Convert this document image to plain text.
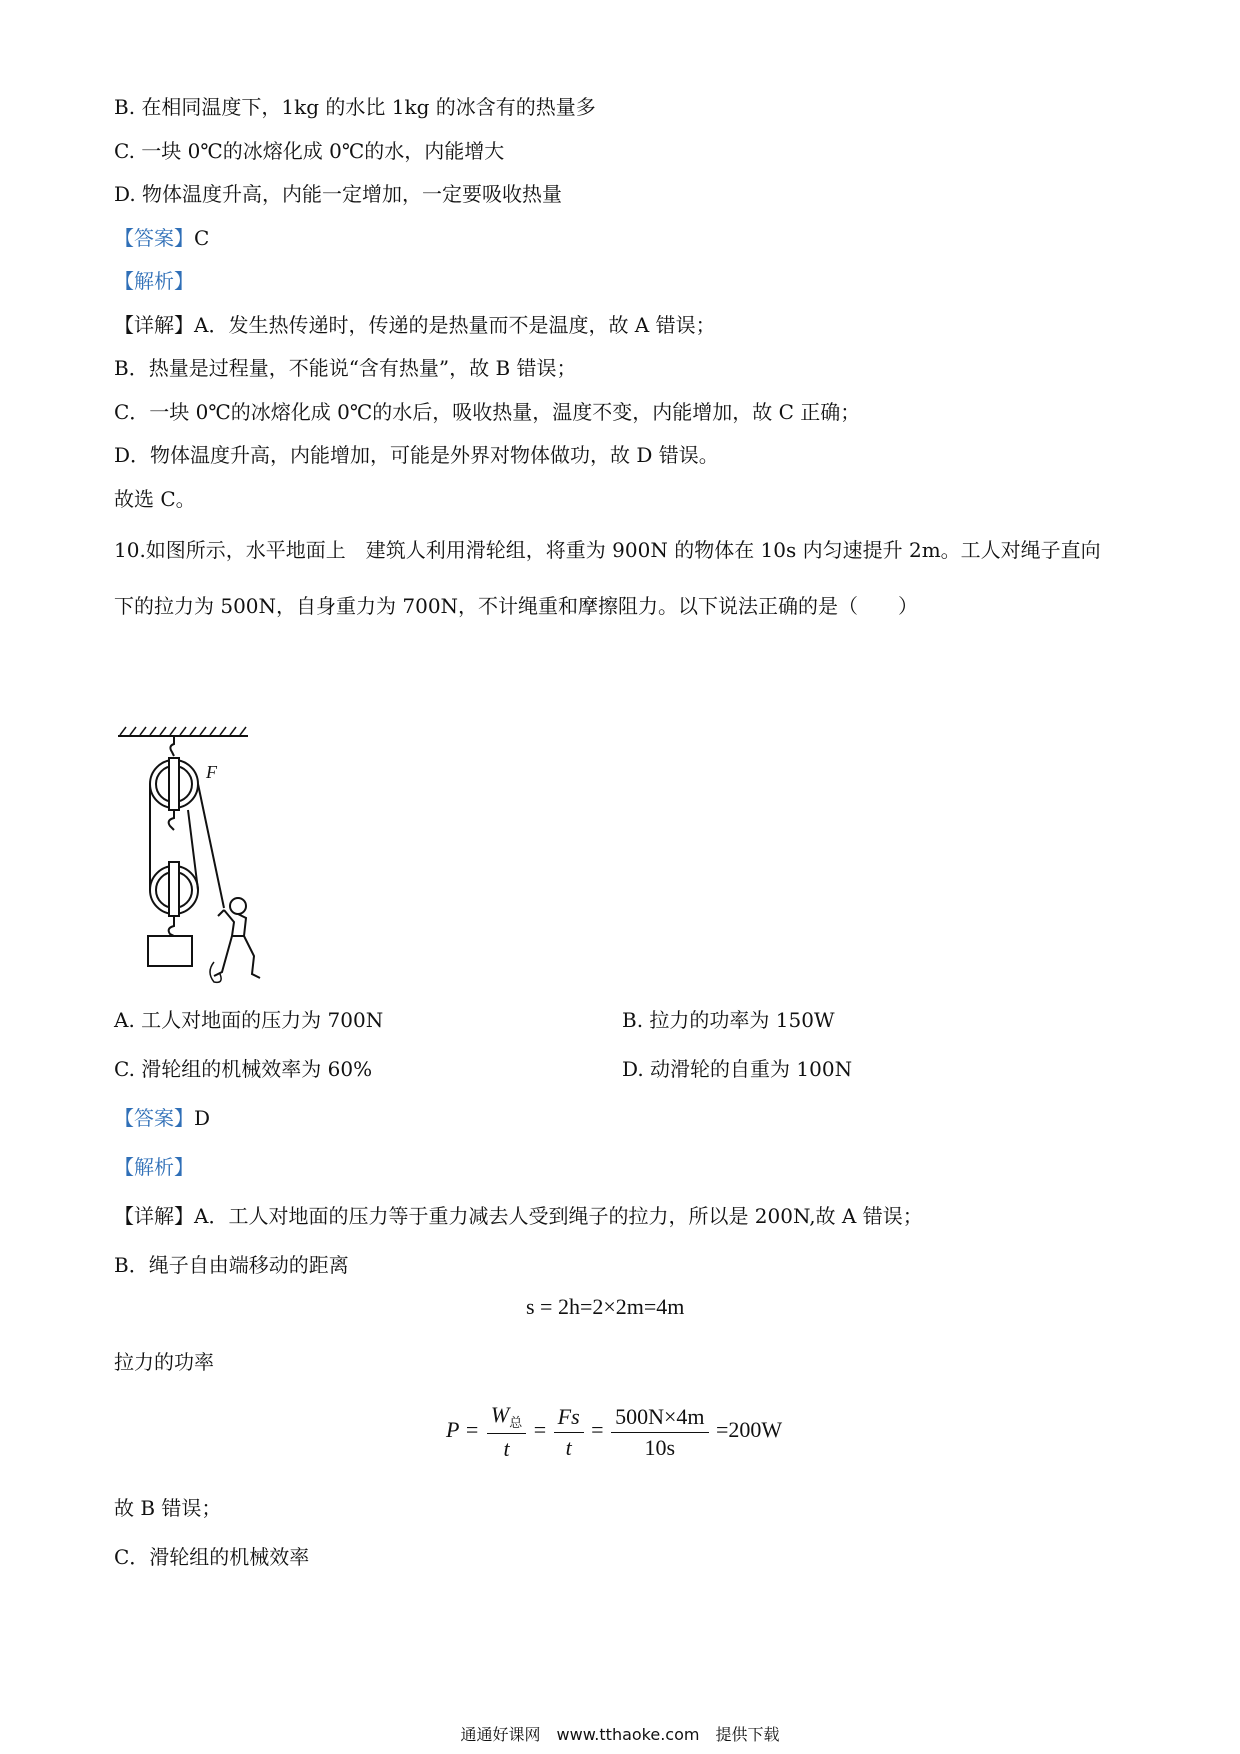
B. 在相同温度下，1kg 的水比 1kg 的冰含有的热量多

C. 一块 0℃的冰熔化成 0℃的水，内能增大

D. 物体温度升高，内能一定增加，一定要吸收热量

【答案】C

【解析】

【详解】A．发生热传递时，传递的是热量而不是温度，故 A 错误；

B．热量是过程量，不能说“含有热量”，故 B 错误；

C．一块 0℃的冰熔化成 0℃的水后，吸收热量，温度不变，内能增加，故 C 正确；

D．物体温度升高，内能增加，可能是外界对物体做功，故 D 错误。

故选 C。

10.如图所示，水平地面上　建筑人利用滑轮组，将重为 900N 的物体在 10s 内匀速提升 2m。工人对绳子直向

下的拉力为 500N，自身重力为 700N，不计绳重和摩擦阻力。以下说法正确的是（　　）

F

A. 工人对地面的压力为 700N	B. 拉力的功率为 150W

C. 滑轮组的机械效率为 60%	D. 动滑轮的自重为 100N

【答案】D

【解析】

【详解】A．工人对地面的压力等于重力减去人受到绳子的拉力，所以是 200N,故 A 错误；

B．绳子自由端移动的距离

s = 2h=2×2m=4m

拉力的功率

$P = \frac{W_总}{t} = \frac{Fs}{t} = \frac{500N\times 4m}{10s} =200W$

故 B 错误；

C．滑轮组的机械效率

通通好课网　www.tthaoke.com　提供下载
